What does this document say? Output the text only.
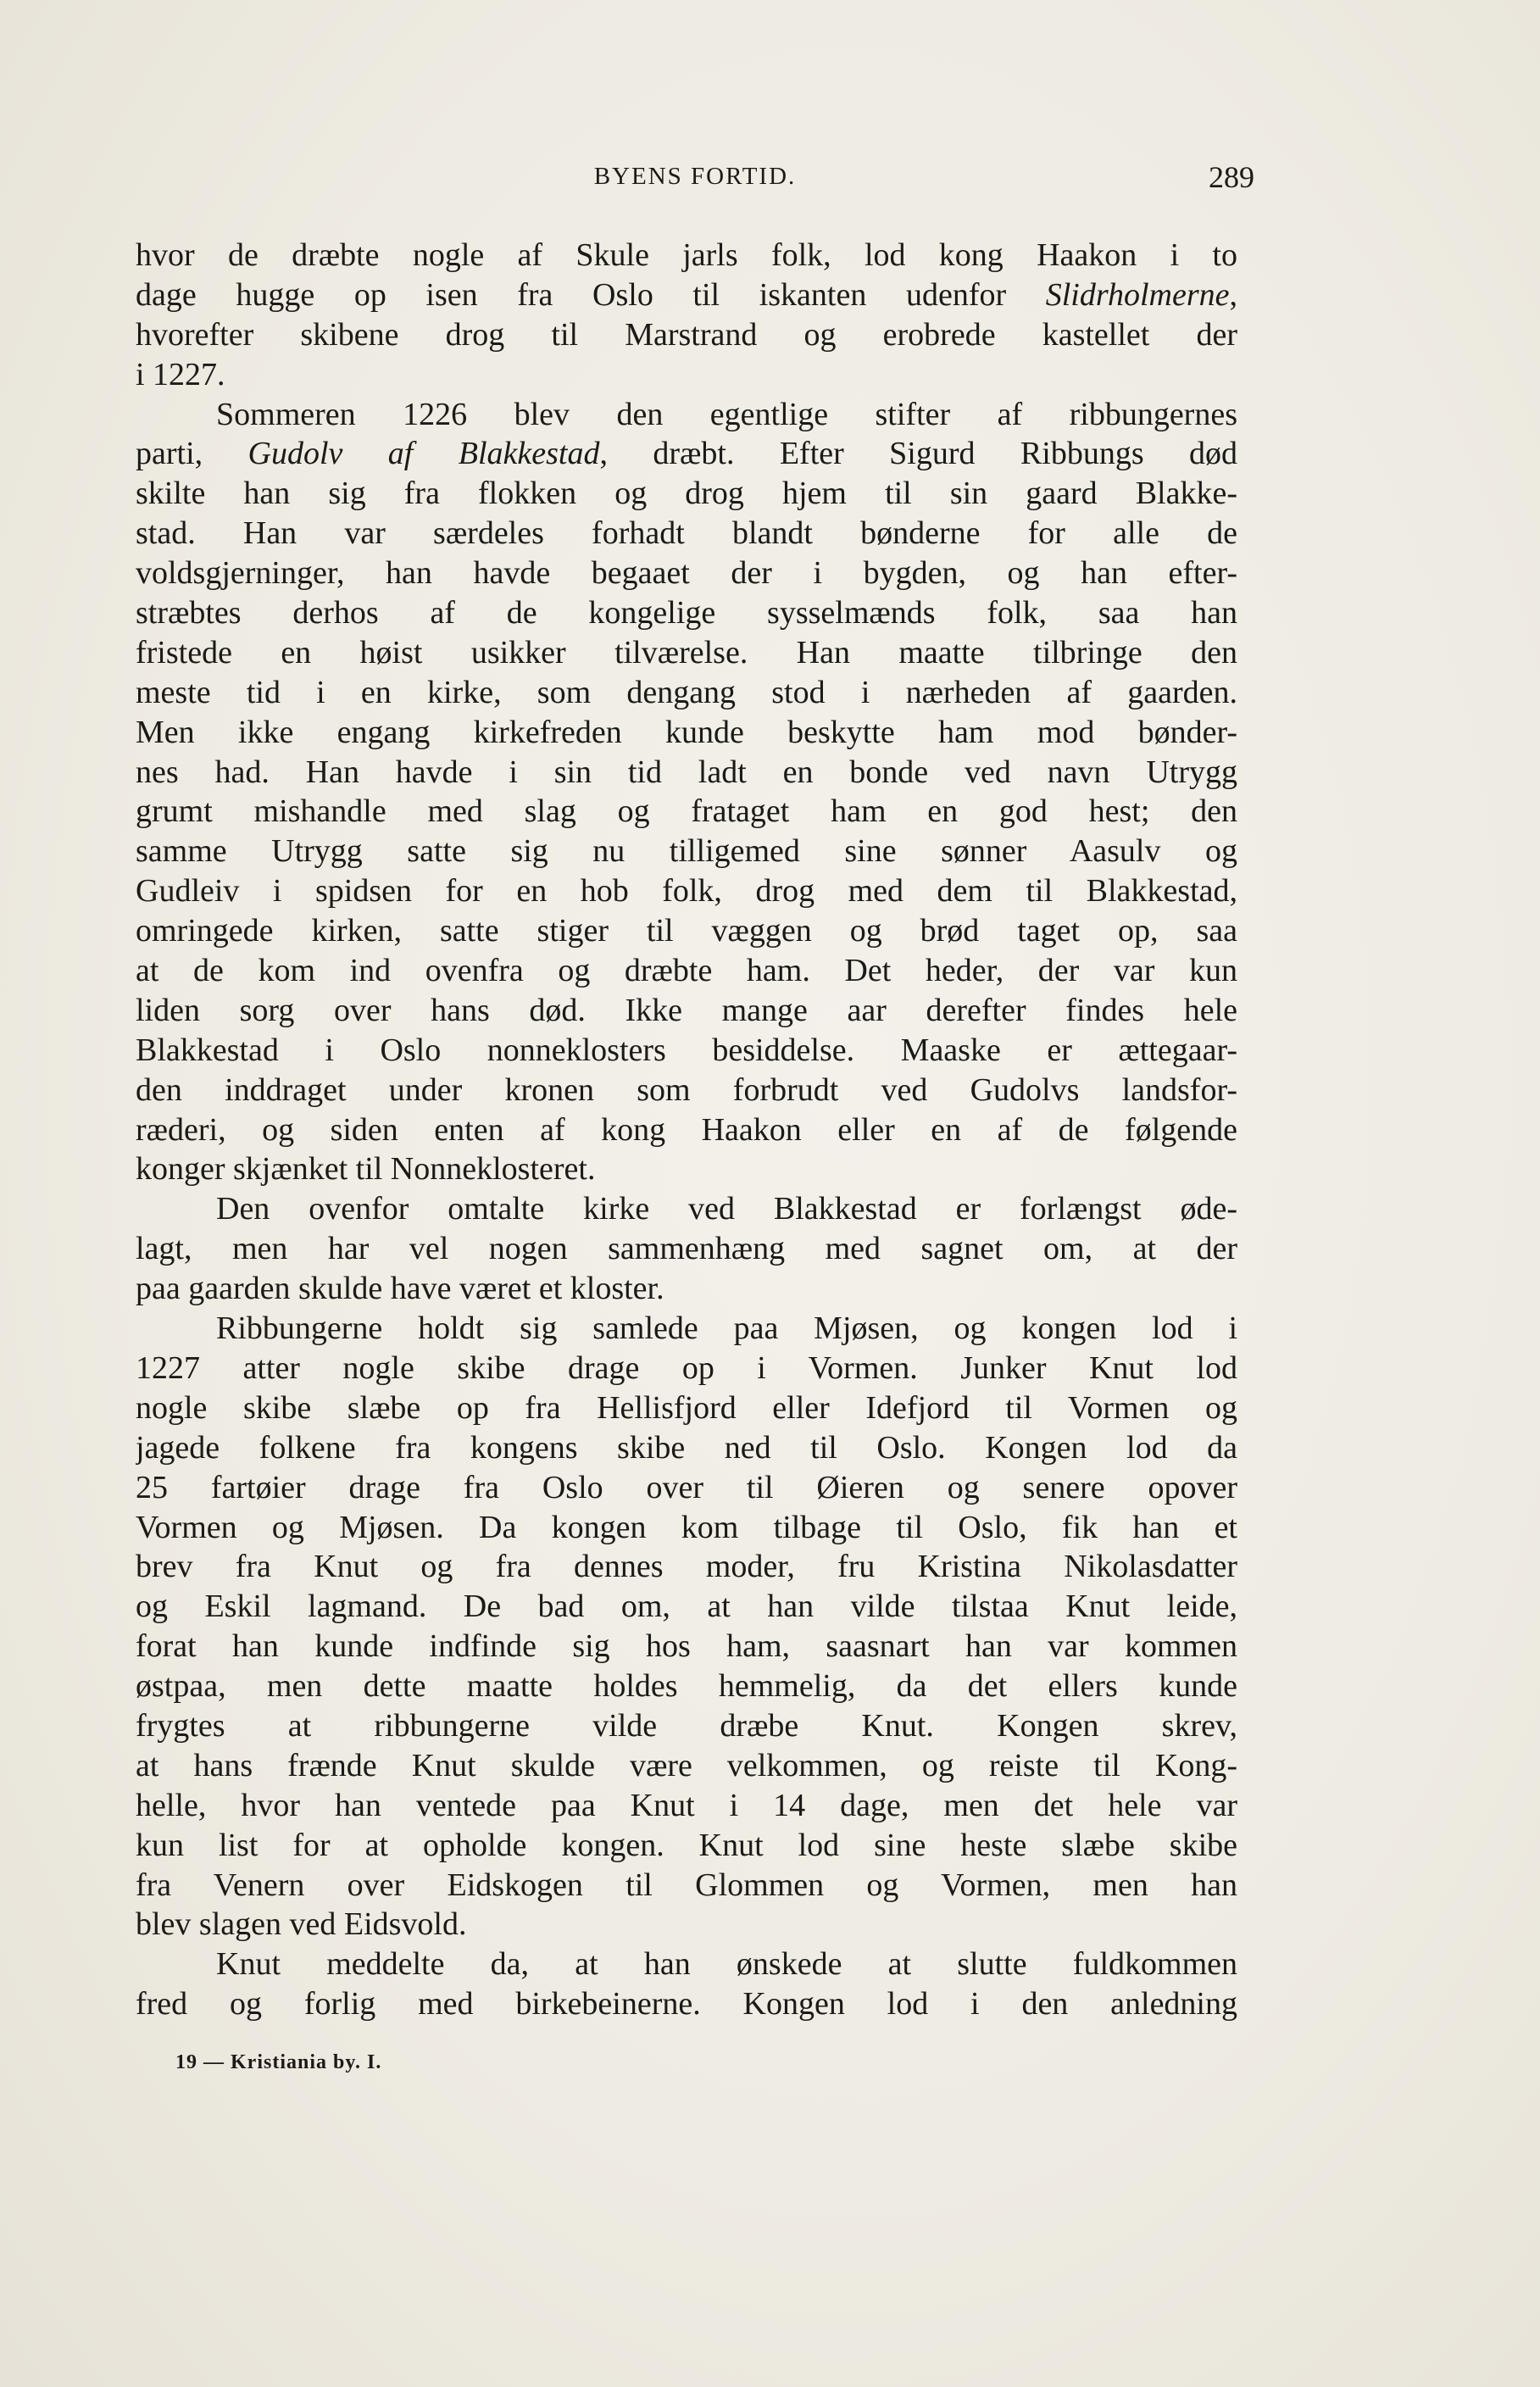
BYENS FORTID.	289
hvor de dræbte nogle af Skule jarls folk, lod kong Haakon i to
dage hugge op isen fra Oslo til iskanten udenfor Slidrholmerne,
hvorefter skibene drog til Marstrand og erobrede kastellet der
i 1227.
Sommeren 1226 blev den egentlige stifter af ribbungernes
parti, Gudolv af Blakkestad, dræbt. Efter Sigurd Ribbungs død
skilte han sig fra flokken og drog hjem til sin gaard Blakke-
stad. Han var særdeles forhadt blandt bønderne for alle de
voldsgjerninger, han havde begaaet der i bygden, og han efter-
stræbtes derhos af de kongelige sysselmænds folk, saa han
fristede en høist usikker tilværelse. Han maatte tilbringe den
meste tid i en kirke, som dengang stod i nærheden af gaarden.
Men ikke engang kirkefreden kunde beskytte ham mod bønder-
nes had. Han havde i sin tid ladt en bonde ved navn Utrygg
grumt mishandle med slag og frataget ham en god hest; den
samme Utrygg satte sig nu tilligemed sine sønner Aasulv og
Gudleiv i spidsen for en hob folk, drog med dem til Blakkestad,
omringede kirken, satte stiger til væggen og brød taget op, saa
at de kom ind ovenfra og dræbte ham. Det heder, der var kun
liden sorg over hans død. Ikke mange aar derefter findes hele
Blakkestad i Oslo nonneklosters besiddelse. Maaske er ættegaar-
den inddraget under kronen som forbrudt ved Gudolvs landsfor-
ræderi, og siden enten af kong Haakon eller en af de følgende
konger skjænket til Nonneklosteret.
Den ovenfor omtalte kirke ved Blakkestad er forlængst øde-
lagt, men har vel nogen sammenhæng med sagnet om, at der
paa gaarden skulde have været et kloster.
Ribbungerne holdt sig samlede paa Mjøsen, og kongen lod i
1227 atter nogle skibe drage op i Vormen. Junker Knut lod
nogle skibe slæbe op fra Hellisfjord eller Idefjord til Vormen og
jagede folkene fra kongens skibe ned til Oslo. Kongen lod da
25 fartøier drage fra Oslo over til Øieren og senere opover
Vormen og Mjøsen. Da kongen kom tilbage til Oslo, fik han et
brev fra Knut og fra dennes moder, fru Kristina Nikolasdatter
og Eskil lagmand. De bad om, at han vilde tilstaa Knut leide,
forat han kunde indfinde sig hos ham, saasnart han var kommen
østpaa, men dette maatte holdes hemmelig, da det ellers kunde
frygtes at ribbungerne vilde dræbe Knut. Kongen skrev,
at hans frænde Knut skulde være velkommen, og reiste til Kong-
helle, hvor han ventede paa Knut i 14 dage, men det hele var
kun list for at opholde kongen. Knut lod sine heste slæbe skibe
fra Venern over Eidskogen til Glommen og Vormen, men han
blev slagen ved Eidsvold.
Knut meddelte da, at han ønskede at slutte fuldkommen
fred og forlig med birkebeinerne. Kongen lod i den anledning
19 — Kristiania by. I.
